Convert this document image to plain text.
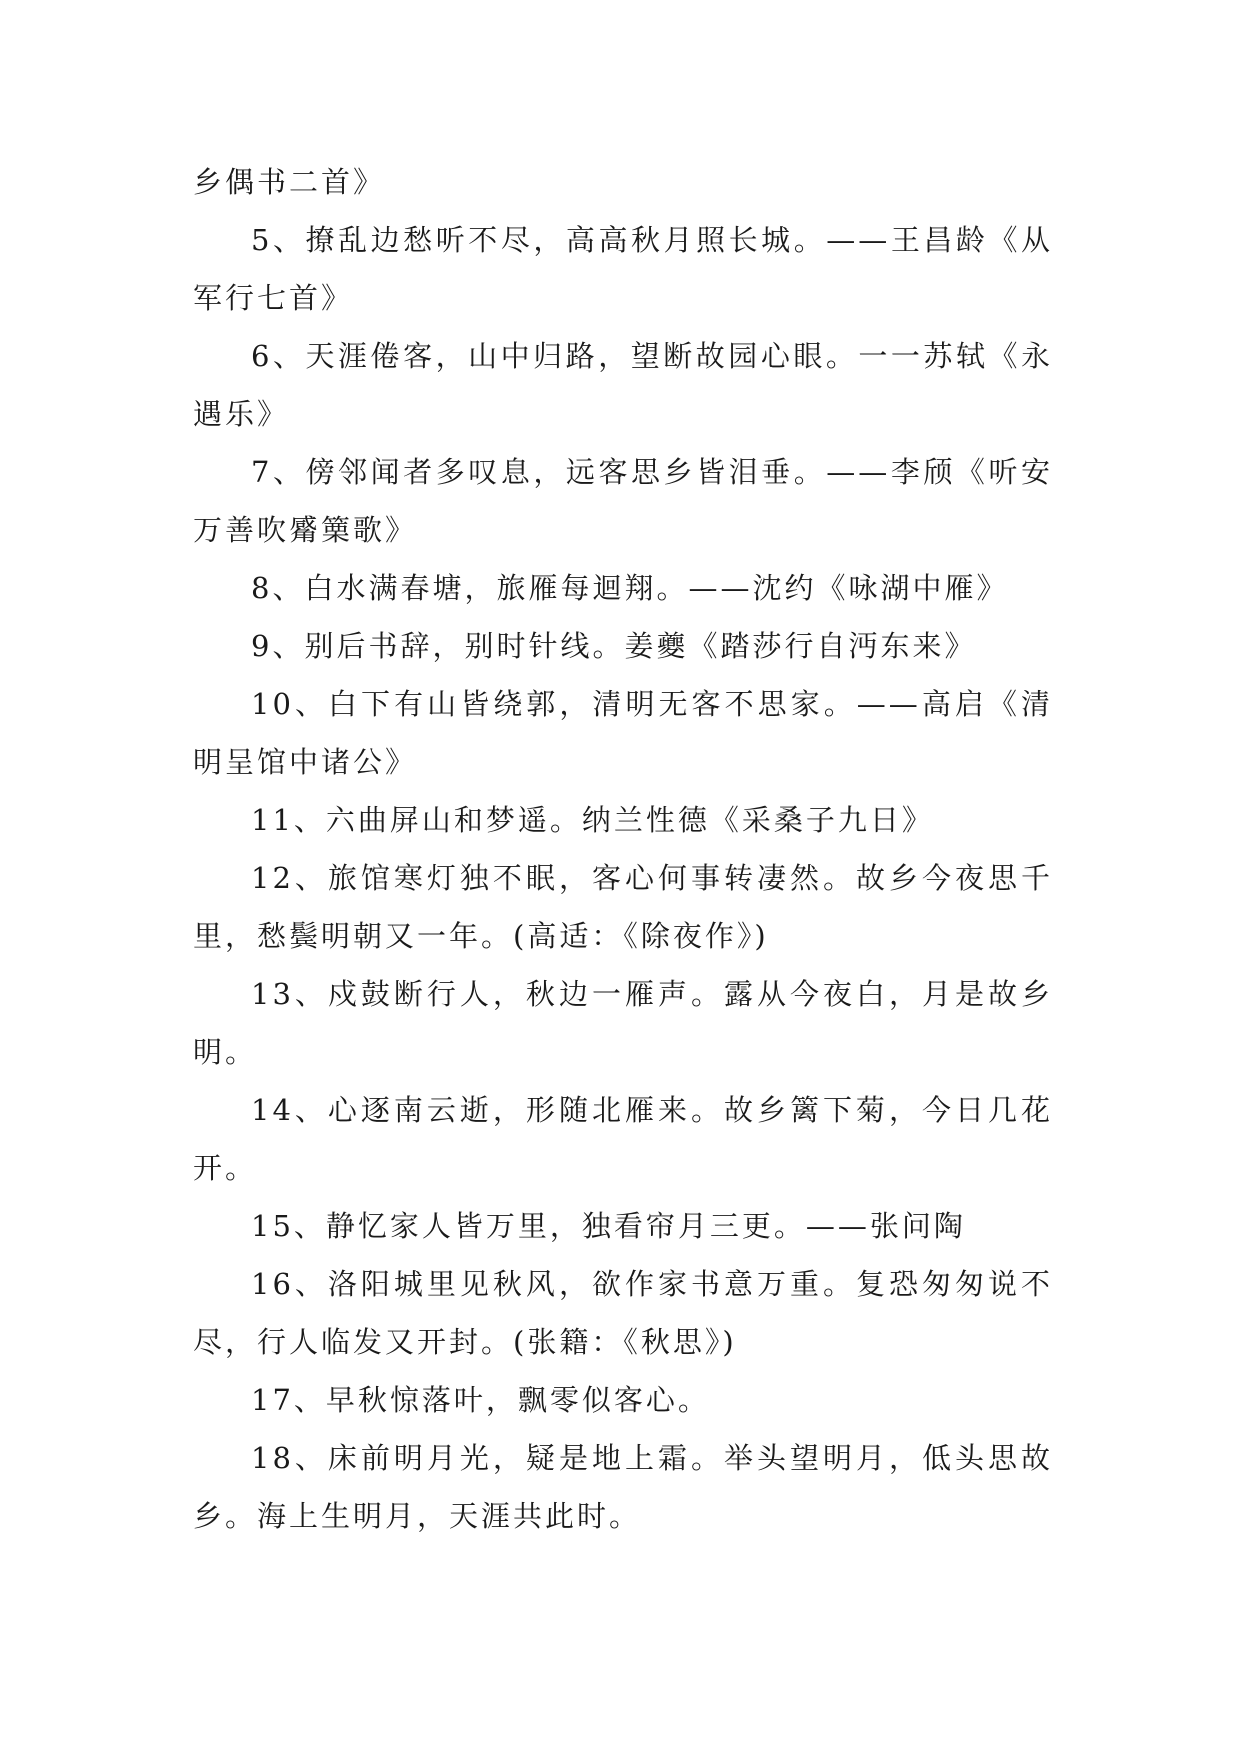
乡偶书二首》

5、撩乱边愁听不尽，高高秋月照长城。——王昌龄《从军行七首》

6、天涯倦客，山中归路，望断故园心眼。一一苏轼《永遇乐》

7、傍邻闻者多叹息，远客思乡皆泪垂。——李颀《听安万善吹觱篥歌》

8、白水满春塘，旅雁每迴翔。——沈约《咏湖中雁》

9、别后书辞，别时针线。姜夔《踏莎行自沔东来》

10、白下有山皆绕郭，清明无客不思家。——高启《清明呈馆中诸公》

11、六曲屏山和梦遥。纳兰性德《采桑子九日》

12、旅馆寒灯独不眠，客心何事转凄然。故乡今夜思千里，愁鬓明朝又一年。(高适：《除夜作》)

13、戍鼓断行人，秋边一雁声。露从今夜白，月是故乡明。

14、心逐南云逝，形随北雁来。故乡篱下菊，今日几花开。

15、静忆家人皆万里，独看帘月三更。——张问陶

16、洛阳城里见秋风，欲作家书意万重。复恐匆匆说不尽，行人临发又开封。(张籍：《秋思》)

17、早秋惊落叶，飘零似客心。

18、床前明月光，疑是地上霜。举头望明月，低头思故乡。海上生明月，天涯共此时。
